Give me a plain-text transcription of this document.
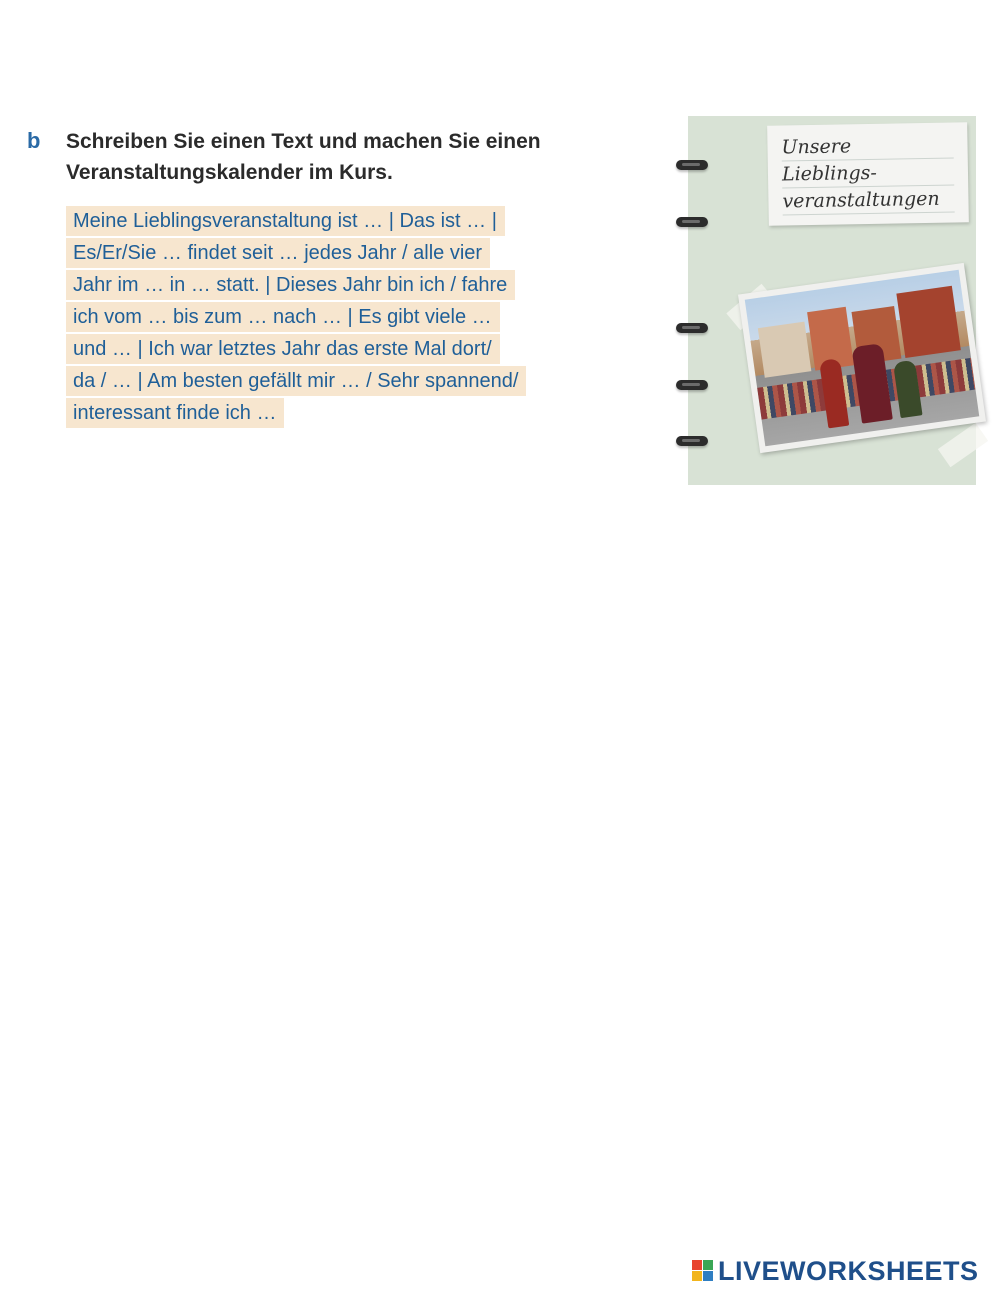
b Schreiben Sie einen Text und machen Sie einen
Veranstaltungskalender im Kurs.
Meine Lieblingsveranstaltung ist … | Das ist … |
Es/Er/Sie … findet seit … jedes Jahr / alle vier
Jahr im … in … statt. | Dieses Jahr bin ich / fahre
ich vom … bis zum … nach … | Es gibt viele …
und … | Ich war letztes Jahr das erste Mal dort/
da / … | Am besten gefällt mir … / Sehr spannend/
interessant finde ich …
Unsere
Lieblings-
veranstaltungen
LIVEWORKSHEETS
